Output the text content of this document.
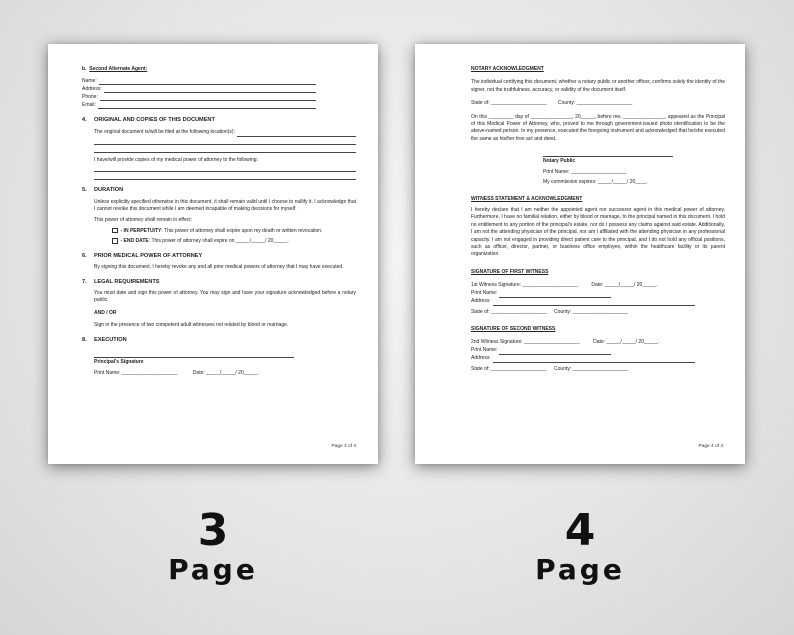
b. Second Alternate Agent:
Name:
Address:
Phone:
Email:
4. ORIGINAL AND COPIES OF THIS DOCUMENT
The original document is/will be filed at the following location(s):
I have/will provide copies of my medical power of attorney to the following:
5. DURATION
Unless explicitly specified otherwise in this document, it shall remain valid until I choose to nullify it. I acknowledge that I cannot revoke this document while I am deemed incapable of making decisions for myself.
This power of attorney shall remain in effect:
- IN PERPETUITY: This power of attorney shall expire upon my death or written revocation.
- END DATE: This power of attorney shall expire on _____/_____/ 20_____.
6. PRIOR MEDICAL POWER OF ATTORNEY
By signing this document, I hereby revoke any and all prior medical powers of attorney that I may have executed.
7. LEGAL REQUIREMENTS
You must date and sign this power of attorney. You may sign and have your signature acknowledged before a notary public:
AND / OR
Sign in the presence of two competent adult witnesses not related by blood or marriage.
8. EXECUTION
Principal's Signature
Print Name: ____________________	Date: _____/_____/ 20_____.
Page 3 of 4
NOTARY ACKNOWLEDGMENT
The individual certifying this document, whether a notary public or another officer, confirms solely the identity of the signer, not the truthfulness, accuracy, or validity of the document itself.
State of: ____________________ County: ____________________
On this _________ day of _______________, 20_____, before me, _______________, appeared as the Principal of this Medical Power of Attorney, who, proved to me through government-issued photo identification to be the above-named person. In my presence, executed the foregoing instrument and acknowledged that he/she executed the same as his/her free act and deed.
Notary Public
Print Name: ____________________
My commission expires: _____/_____/ 20____.
WITNESS STATEMENT & ACKNOWLEDGMENT
I hereby declare that I am neither the appointed agent nor successor agent in this medical power of attorney. Furthermore, I have no familial relation, either by blood or marriage, to the principal named in this document. I hold no entitlement to any portion of the principal's estate, nor do I possess any claims against said estate. Additionally, I am not the attending physician of the principal, nor am I affiliated with the attending physician in any professional capacity. I am not engaged in providing direct patient care to the principal, and I do not hold any official positions, such as officer, director, partner, or business office employee, within the healthcare facility or its parent organization.
SIGNATURE OF FIRST WITNESS
1st Witness Signature: ____________________	Date: _____/_____/ 20_____.
Print Name:
Address:
State of: ____________________ County: ____________________
SIGNATURE OF SECOND WITNESS
2nd Witness Signature: ____________________	Date: _____/_____/ 20_____.
Print Name:
Address:
State of: ____________________ County: ____________________
Page 4 of 4
3
Page
4
Page
